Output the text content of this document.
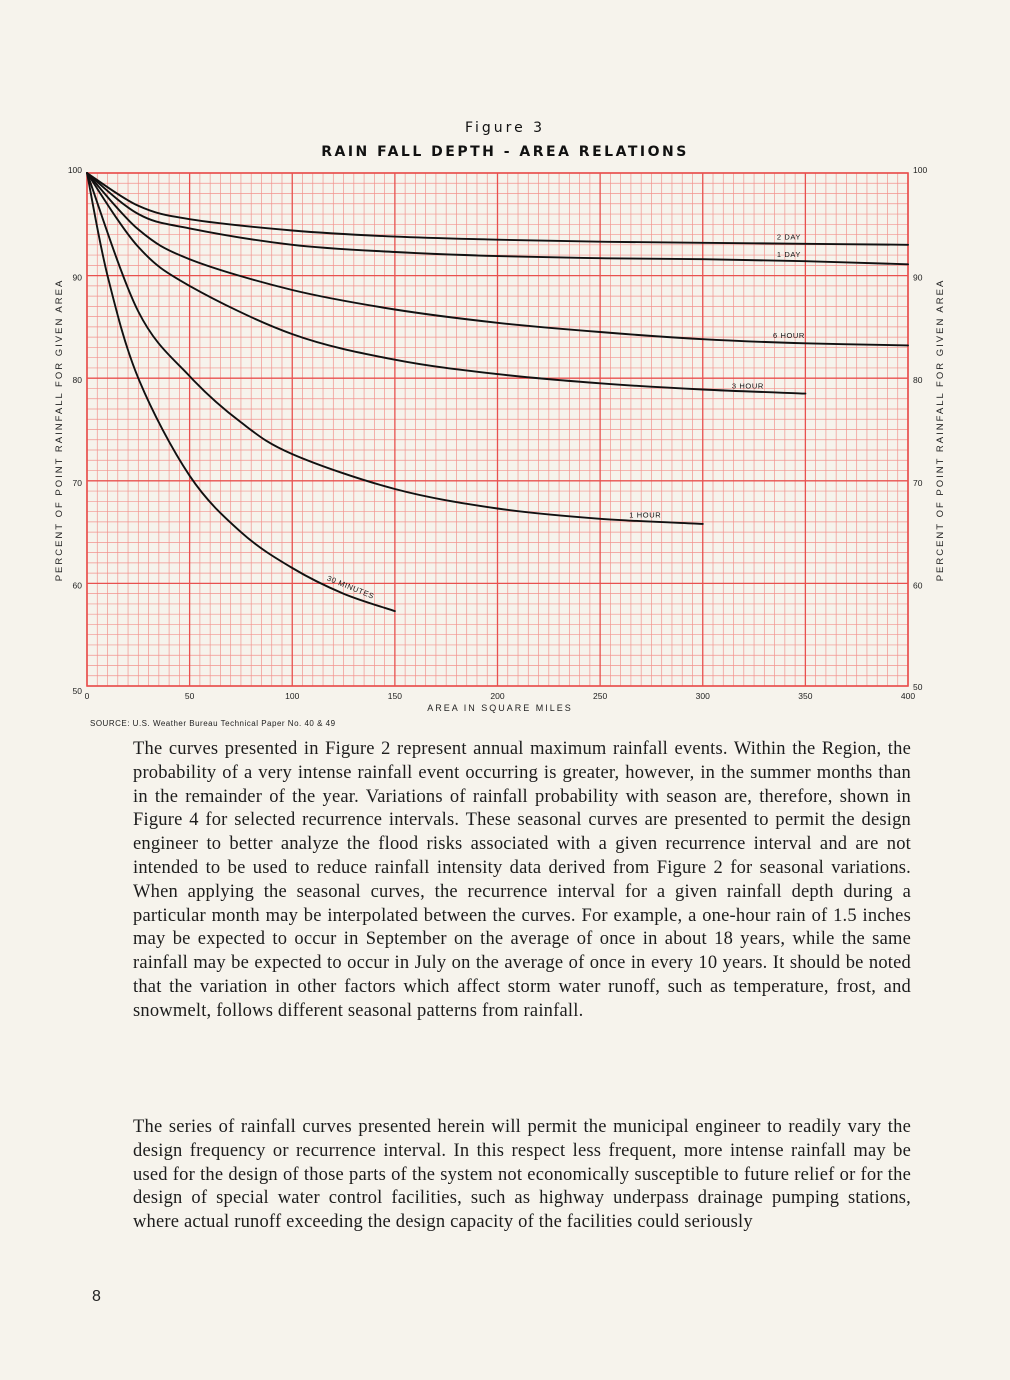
Figure 3
RAIN FALL DEPTH - AREA RELATIONS
2 DAY
1 DAY
6 HOUR
3 HOUR
1 HOUR
30 MINUTES
0	50	100	150	200	250	300	350	400
50	50
60	60
70	70
80	80
90	90
100	100
AREA IN SQUARE MILES
PERCENT OF POINT RAINFALL FOR GIVEN AREA	PERCENT OF POINT RAINFALL FOR GIVEN AREA
SOURCE: U.S. Weather Bureau Technical Paper No. 40 & 49

The curves presented in Figure 2 represent annual maximum rainfall events. Within the Region, the probability of a very intense rainfall event occurring is greater, however, in the summer months than in the remainder of the year. Variations of rainfall probability with season are, therefore, shown in Figure 4 for selected recurrence intervals. These seasonal curves are presented to permit the design engineer to better analyze the flood risks associated with a given recurrence interval and are not intended to be used to reduce rainfall intensity data derived from Figure 2 for seasonal variations. When applying the seasonal curves, the recurrence interval for a given rainfall depth during a particular month may be interpolated between the curves. For example, a one-hour rain of 1.5 inches may be expected to occur in September on the average of once in about 18 years, while the same rainfall may be expected to occur in July on the average of once in every 10 years. It should be noted that the variation in other factors which affect storm water runoff, such as temperature, frost, and snowmelt, follows different seasonal patterns from rainfall.

The series of rainfall curves presented herein will permit the municipal engineer to readily vary the design frequency or recurrence interval. In this respect less frequent, more intense rainfall may be used for the design of those parts of the system not economically susceptible to future relief or for the design of special water control facilities, such as highway underpass drainage pumping stations, where actual runoff exceeding the design capacity of the facilities could seriously

8
